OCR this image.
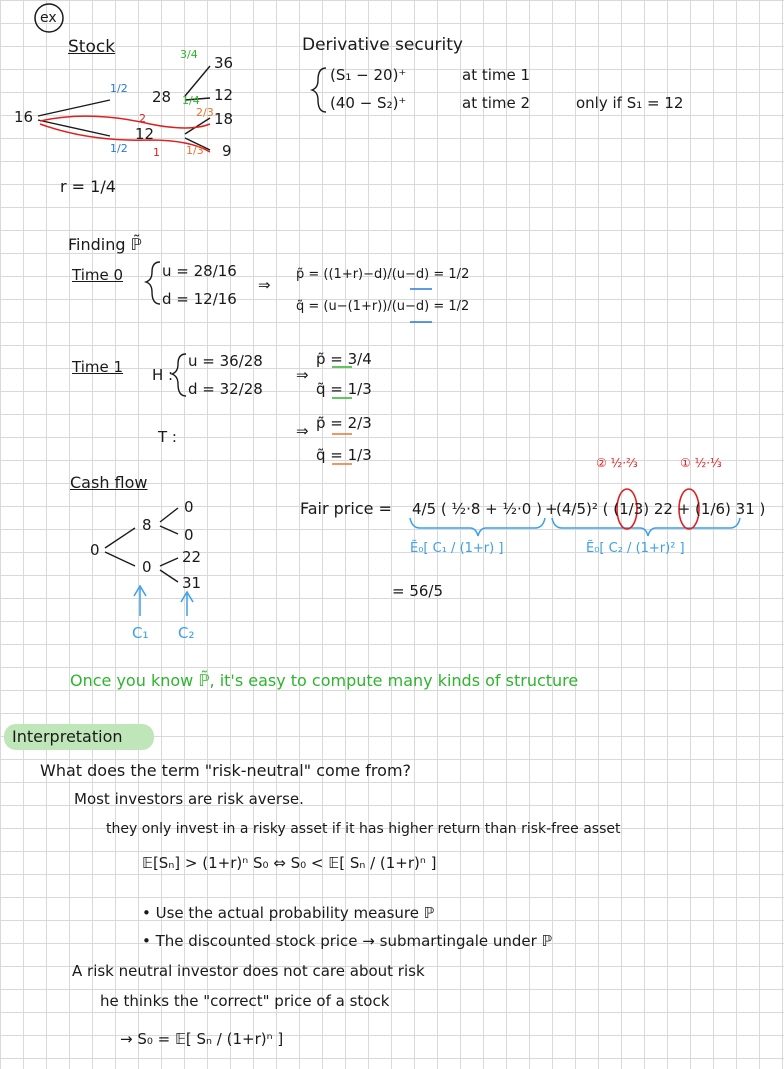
ex
Stock
16
28
12
36
12
18
9
1/2
1/2
3/4
1/4
2/3
1/3
2
1
r = 1/4
Derivative security
(S₁ − 20)⁺	at time 1
(40 − S₂)⁺	at time 2	only if S₁ = 12
Finding ℙ̃
Time 0	u = 28/16
d = 12/16
⇒
p̃ = ((1+r)−d)/(u−d) = 1/2
q̃ = (u−(1+r))/(u−d) = 1/2
Time 1 H :
u = 36/28
d = 32/28
⇒
p̃ = 3/4
q̃ = 1/3
T :	⇒ p̃ = 2/3
q̃ = 1/3
Cash flow
0
8
0
0
0
22
31
C₁ C₂
② ½·⅔	① ½·⅓
Fair price = 4/5 ( ½·8 + ½·0 ) +
(4/5)² ( (1/3) 22 + (1/6) 31 )
Ẽ₀[ C₁ / (1+r) ]	Ẽ₀[ C₂ / (1+r)² ]
= 56/5
Once you know ℙ̃, it's easy to compute many kinds of structure
Interpretation
What does the term "risk-neutral" come from?
Most investors are risk averse.
they only invest in a risky asset if it has higher return than risk-free asset
𝔼[Sₙ] > (1+r)ⁿ S₀ ⇔ S₀ < 𝔼[ Sₙ / (1+r)ⁿ ]
• Use the actual probability measure ℙ
• The discounted stock price → submartingale under ℙ
A risk neutral investor does not care about risk
he thinks the "correct" price of a stock
→ S₀ = 𝔼[ Sₙ / (1+r)ⁿ ]
